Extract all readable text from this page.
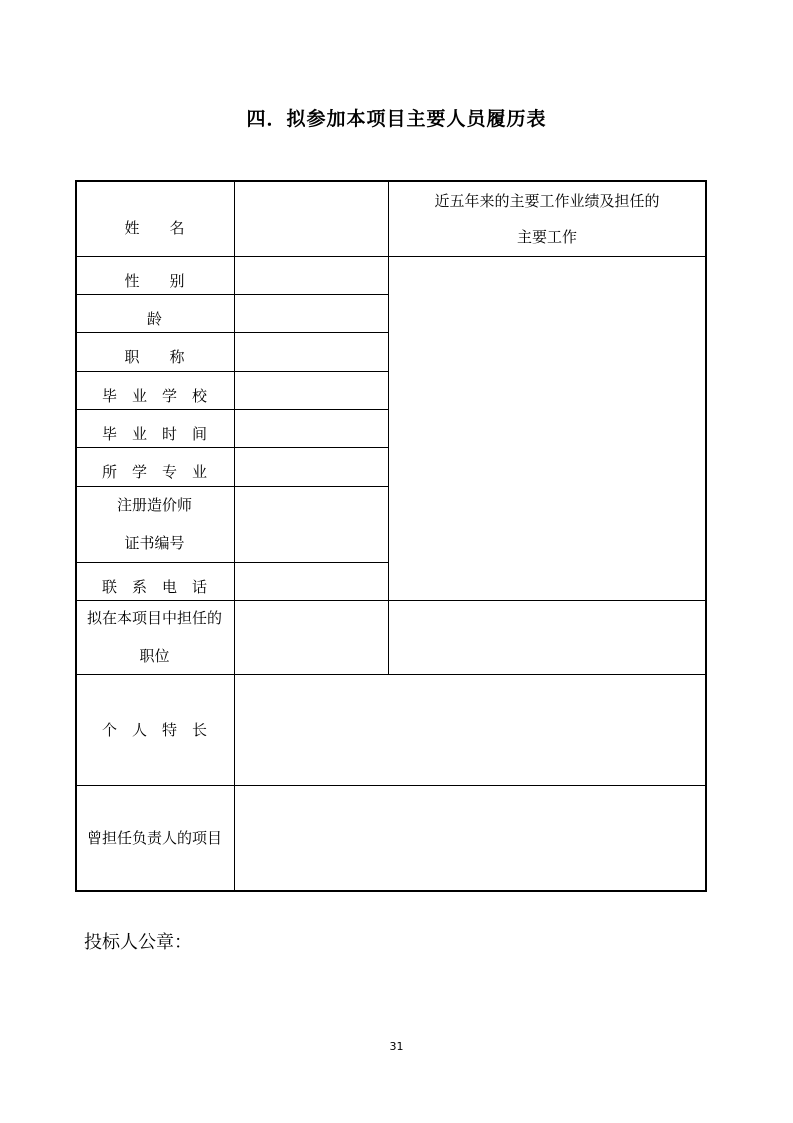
四．拟参加本项目主要人员履历表
姓　　名
近五年来的主要工作业绩及担任的
主要工作
性　　别
龄
职　　称
毕　业　学　校
毕　业　时　间
所　学　专　业
注册造价师
证书编号
联　系　电　话
拟在本项目中担任的
职位
个　人　特　长
曾担任负责人的项目
投标人公章：
31
